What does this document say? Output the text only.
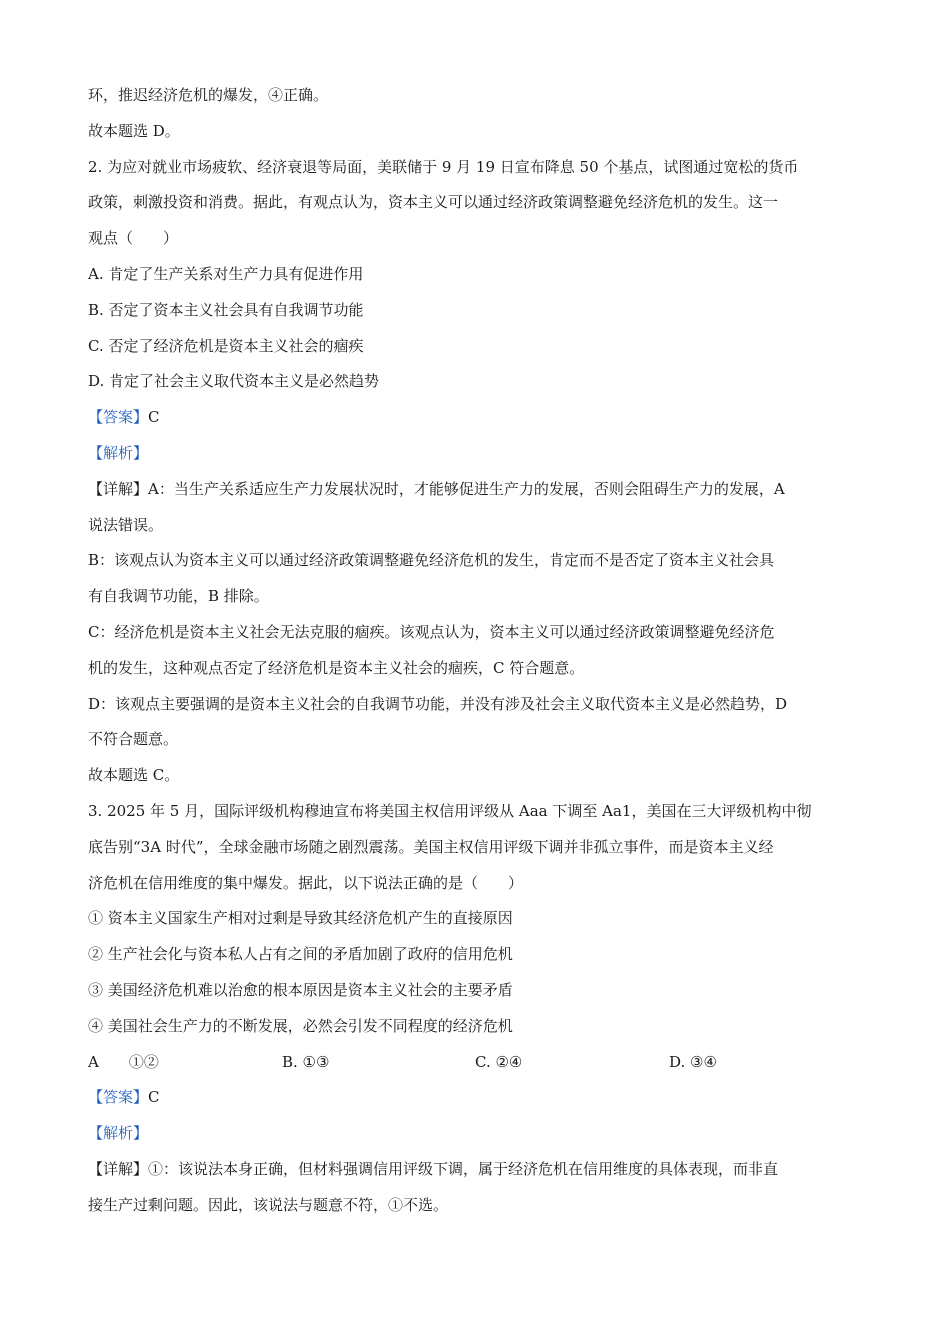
环，推迟经济危机的爆发，④正确。
故本题选 D。
2. 为应对就业市场疲软、经济衰退等局面，美联储于 9 月 19 日宣布降息 50 个基点，试图通过宽松的货币
政策，刺激投资和消费。据此，有观点认为，资本主义可以通过经济政策调整避免经济危机的发生。这一
观点（　　）
A. 肯定了生产关系对生产力具有促进作用
B. 否定了资本主义社会具有自我调节功能
C. 否定了经济危机是资本主义社会的痼疾
D. 肯定了社会主义取代资本主义是必然趋势
【答案】C
【解析】
【详解】A：当生产关系适应生产力发展状况时，才能够促进生产力的发展，否则会阻碍生产力的发展，A
说法错误。
B：该观点认为资本主义可以通过经济政策调整避免经济危机的发生，肯定而不是否定了资本主义社会具
有自我调节功能，B 排除。
C：经济危机是资本主义社会无法克服的痼疾。该观点认为，资本主义可以通过经济政策调整避免经济危
机的发生，这种观点否定了经济危机是资本主义社会的痼疾，C 符合题意。
D：该观点主要强调的是资本主义社会的自我调节功能，并没有涉及社会主义取代资本主义是必然趋势，D
不符合题意。
故本题选 C。
3. 2025 年 5 月，国际评级机构穆迪宣布将美国主权信用评级从 Aaa 下调至 Aa1，美国在三大评级机构中彻
底告别“3A 时代”，全球金融市场随之剧烈震荡。美国主权信用评级下调并非孤立事件，而是资本主义经
济危机在信用维度的集中爆发。据此，以下说法正确的是（　　）
① 资本主义国家生产相对过剩是导致其经济危机产生的直接原因
② 生产社会化与资本私人占有之间的矛盾加剧了政府的信用危机
③ 美国经济危机难以治愈的根本原因是资本主义社会的主要矛盾
④ 美国社会生产力的不断发展，必然会引发不同程度的经济危机
A　　①②	B. ①③	C. ②④	D. ③④
【答案】C
【解析】
【详解】①：该说法本身正确，但材料强调信用评级下调，属于经济危机在信用维度的具体表现，而非直
接生产过剩问题。因此，该说法与题意不符，①不选。
